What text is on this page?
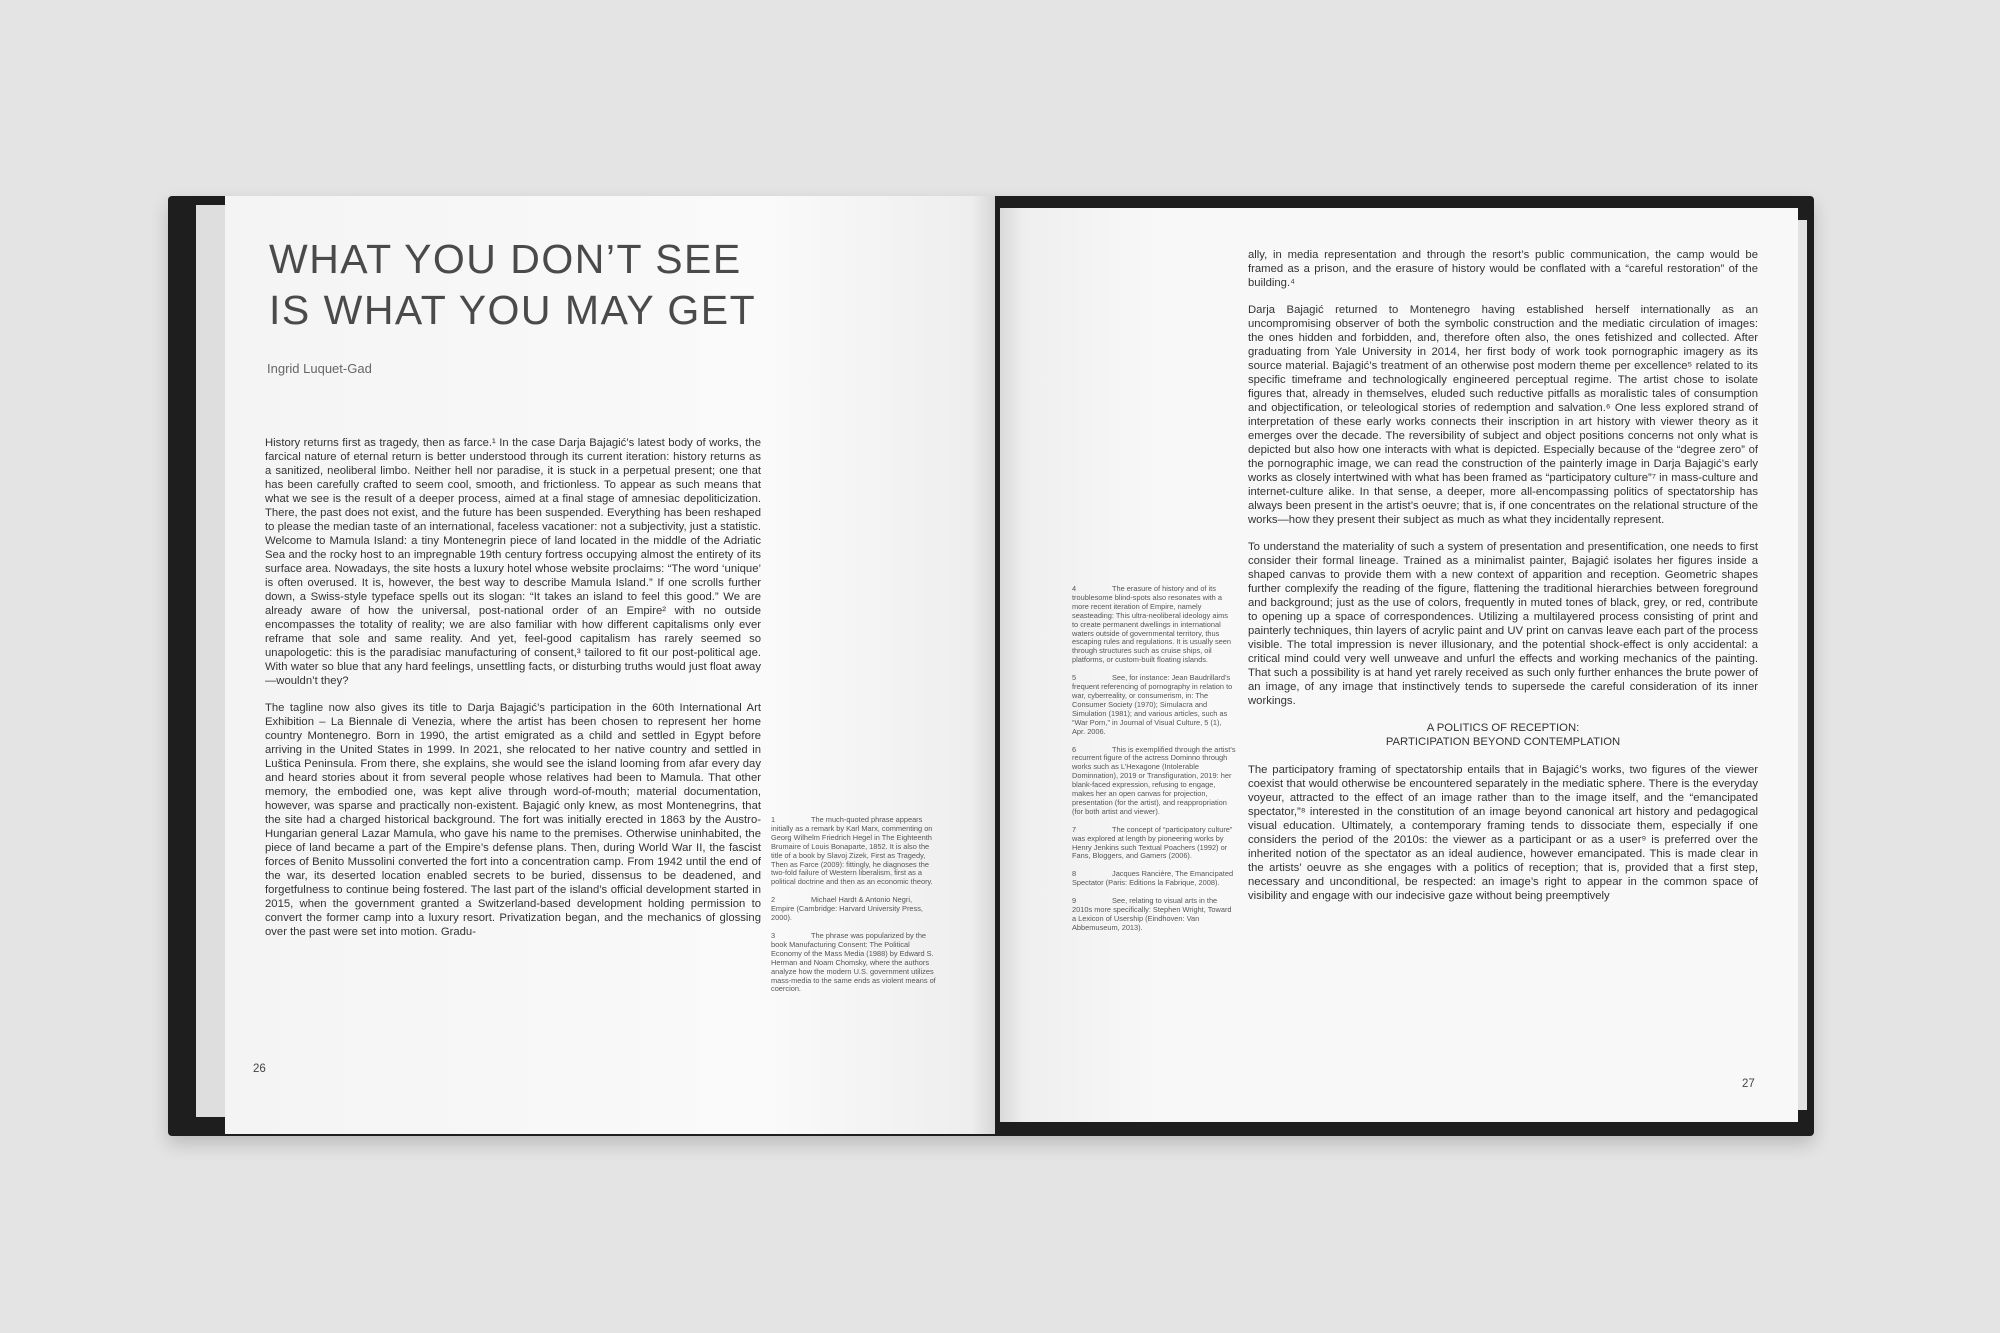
WHAT YOU DON’T SEE
IS WHAT YOU MAY GET
Ingrid Luquet-Gad

History returns first as tragedy, then as farce.¹ In the case Darja Bajagić’s latest body of works, the farcical nature of eternal return is better understood through its current iteration: history returns as a sanitized, neoliberal limbo. Neither hell nor paradise, it is stuck in a perpetual present; one that has been carefully crafted to seem cool, smooth, and frictionless. To appear as such means that what we see is the result of a deeper process, aimed at a final stage of amnesiac depoliticization. There, the past does not exist, and the future has been suspended. Everything has been reshaped to please the median taste of an international, faceless vacationer: not a subjectivity, just a statistic. Welcome to Mamula Island: a tiny Montenegrin piece of land located in the middle of the Adriatic Sea and the rocky host to an impregnable 19th century fortress occupying almost the entirety of its surface area. Nowadays, the site hosts a luxury hotel whose website proclaims: “The word ‘unique’ is often overused. It is, however, the best way to describe Mamula Island.” If one scrolls further down, a Swiss-style typeface spells out its slogan: “It takes an island to feel this good.” We are already aware of how the universal, post-national order of an Empire² with no outside encompasses the totality of reality; we are also familiar with how different capitalisms only ever reframe that sole and same reality. And yet, feel-good capitalism has rarely seemed so unapologetic: this is the paradisiac manufacturing of consent,³ tailored to fit our post-political age. With water so blue that any hard feelings, unsettling facts, or disturbing truths would just float away—wouldn’t they?

The tagline now also gives its title to Darja Bajagić’s participation in the 60th International Art Exhibition – La Biennale di Venezia, where the artist has been chosen to represent her home country Montenegro. Born in 1990, the artist emigrated as a child and settled in Egypt before arriving in the United States in 1999. In 2021, she relocated to her native country and settled in Luštica Peninsula. From there, she explains, she would see the island looming from afar every day and heard stories about it from several people whose relatives had been to Mamula. That other memory, the embodied one, was kept alive through word-of-mouth; material documentation, however, was sparse and practically non-existent. Bajagić only knew, as most Montenegrins, that the site had a charged historical background. The fort was initially erected in 1863 by the Austro-Hungarian general Lazar Mamula, who gave his name to the premises. Otherwise uninhabited, the piece of land became a part of the Empire’s defense plans. Then, during World War II, the fascist forces of Benito Mussolini converted the fort into a concentration camp. From 1942 until the end of the war, its deserted location enabled secrets to be buried, dissensus to be deadened, and forgetfulness to continue being fostered. The last part of the island’s official development started in 2015, when the government granted a Switzerland-based development holding permission to convert the former camp into a luxury resort. Privatization began, and the mechanics of glossing over the past were set into motion. Gradu-

1	The much-quoted phrase appears initially as a remark by Karl Marx, commenting on Georg Wilhelm Friedrich Hegel in The Eighteenth Brumaire of Louis Bonaparte, 1852. It is also the title of a book by Slavoj Zizek, First as Tragedy, Then as Farce (2009): fittingly, he diagnoses the two-fold failure of Western liberalism, first as a political doctrine and then as an economic theory.
2	Michael Hardt & Antonio Negri, Empire (Cambridge: Harvard University Press, 2000).
3	The phrase was popularized by the book Manufacturing Consent: The Political Economy of the Mass Media (1988) by Edward S. Herman and Noam Chomsky, where the authors analyze how the modern U.S. government utilizes mass-media to the same ends as violent means of coercion.
26
4	The erasure of history and of its troublesome blind-spots also resonates with a more recent iteration of Empire, namely seasteading: This ultra-neoliberal ideology aims to create permanent dwellings in international waters outside of governmental territory, thus escaping rules and regulations. It is usually seen through structures such as cruise ships, oil platforms, or custom-built floating islands.
5	See, for instance: Jean Baudrillard’s frequent referencing of pornography in relation to war, cyberreality, or consumerism, in: The Consumer Society (1970); Simulacra and Simulation (1981); and various articles, such as “War Porn,” in Journal of Visual Culture, 5 (1), Apr. 2006.
6	This is exemplified through the artist’s recurrent figure of the actress Dominno through works such as L’Hexagone (Intolerable Dominnation), 2019 or Transfiguration, 2019: her blank-faced expression, refusing to engage, makes her an open canvas for projection, presentation (for the artist), and reappropriation (for both artist and viewer).
7	The concept of “participatory culture” was explored at length by pioneering works by Henry Jenkins such Textual Poachers (1992) or Fans, Bloggers, and Gamers (2006).
8	Jacques Rancière, The Emancipated Spectator (Paris: Editions la Fabrique, 2008).
9	See, relating to visual arts in the 2010s more specifically: Stephen Wright, Toward a Lexicon of Usership (Eindhoven: Van Abbemuseum, 2013).

ally, in media representation and through the resort’s public communication, the camp would be framed as a prison, and the erasure of history would be conflated with a “careful restoration” of the building.⁴

Darja Bajagić returned to Montenegro having established herself internationally as an uncompromising observer of both the symbolic construction and the mediatic circulation of images: the ones hidden and forbidden, and, therefore often also, the ones fetishized and collected. After graduating from Yale University in 2014, her first body of work took pornographic imagery as its source material. Bajagić’s treatment of an otherwise post modern theme per excellence⁵ related to its specific timeframe and technologically engineered perceptual regime. The artist chose to isolate figures that, already in themselves, eluded such reductive pitfalls as moralistic tales of consumption and objectification, or teleological stories of redemption and salvation.⁶ One less explored strand of interpretation of these early works connects their inscription in art history with viewer theory as it emerges over the decade. The reversibility of subject and object positions concerns not only what is depicted but also how one interacts with what is depicted. Especially because of the “degree zero” of the pornographic image, we can read the construction of the painterly image in Darja Bajagić’s early works as closely intertwined with what has been framed as “participatory culture”⁷ in mass-culture and internet-culture alike. In that sense, a deeper, more all-encompassing politics of spectatorship has always been present in the artist’s oeuvre; that is, if one concentrates on the relational structure of the works—how they present their subject as much as what they incidentally represent.

To understand the materiality of such a system of presentation and presentification, one needs to first consider their formal lineage. Trained as a minimalist painter, Bajagić isolates her figures inside a shaped canvas to provide them with a new context of apparition and reception. Geometric shapes further complexify the reading of the figure, flattening the traditional hierarchies between foreground and background; just as the use of colors, frequently in muted tones of black, grey, or red, contribute to opening up a space of correspondences. Utilizing a multilayered process consisting of print and painterly techniques, thin layers of acrylic paint and UV print on canvas leave each part of the process visible. The total impression is never illusionary, and the potential shock-effect is only accidental: a critical mind could very well unweave and unfurl the effects and working mechanics of the painting. That such a possibility is at hand yet rarely received as such only further enhances the brute power of an image, of any image that instinctively tends to supersede the careful consideration of its inner workings.

A POLITICS OF RECEPTION:
PARTICIPATION BEYOND CONTEMPLATION

The participatory framing of spectatorship entails that in Bajagić’s works, two figures of the viewer coexist that would otherwise be encountered separately in the mediatic sphere. There is the everyday voyeur, attracted to the effect of an image rather than to the image itself, and the “emancipated spectator,”⁸ interested in the constitution of an image beyond canonical art history and pedagogical visual education. Ultimately, a contemporary framing tends to dissociate them, especially if one considers the period of the 2010s: the viewer as a participant or as a user⁹ is preferred over the inherited notion of the spectator as an ideal audience, however emancipated. This is made clear in the artists’ oeuvre as she engages with a politics of reception; that is, provided that a first step, necessary and unconditional, be respected: an image’s right to appear in the common space of visibility and engage with our indecisive gaze without being preemptively

27
